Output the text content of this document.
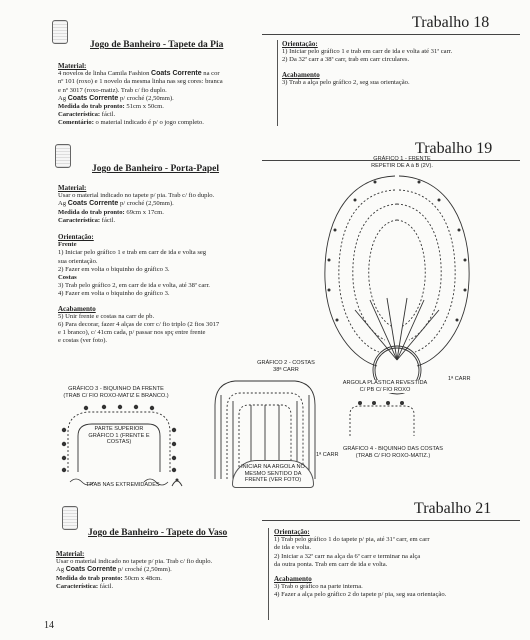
Trabalho 18
Jogo de Banheiro - Tapete da Pia
Material:
4 novelos de linha Camila Fashion Coats Corrente na cor
nº 101 (roxo) e 1 novelo da mesma linha nas seg cores: branca
e nº 3017 (roxo-matiz). Trab c/ fio duplo.
Ag Coats Corrente p/ croché (2,50mm).
Medida do trab pronto: 51cm x 50cm.
Característica: fácil.
Comentário: o material indicado é p/ o jogo completo.
Orientação:
1) Iniciar pelo gráfico 1 e trab em carr de ida e volta até 31ª carr.
2) Da 32ª carr a 38ª carr, trab em carr circulares.
Acabamento
3) Trab a alça pelo gráfico 2, seg sua orientação.
Trabalho 19
Jogo de Banheiro - Porta-Papel
Material:
Usar o material indicado no tapete p/ pia. Trab c/ fio duplo.
Ag Coats Corrente p/ croché (2,50mm).
Medida do trab pronto: 69cm x 17cm.
Característica: fácil.
Orientação:
Frente
1) Iniciar pelo gráfico 1 e trab em carr de ida e volta seg
sua orientação.
2) Fazer em volta o biquinho do gráfico 3.
Costas
3) Trab pelo gráfico 2, em carr de ida e volta, até 38ª carr.
4) Fazer em volta o biquinho do gráfico 3.
Acabamento
5) Unir frente e costas na carr de pb.
6) Para decorar, fazer 4 alças de corr c/ fio triplo (2 fios 3017
e 1 branco), c/ 41cm cada, p/ passar nos spç entre frente
e costas (ver foto).
GRÁFICO 1 - FRENTE
REPETIR DE A à B (2V).
ARGOLA PLÁSTICA REVESTIDA C/ PB C/ FIO ROXO
1ª CARR
GRÁFICO 2 - COSTAS
38ª CARR
INICIAR NA ARGOLA NO MESMO SENTIDO DA FRENTE (VER FOTO)
1ª CARR
GRÁFICO 3 - BIQUINHO DA FRENTE
(TRAB C/ FIO ROXO-MATIZ E BRANCO.)
PARTE SUPERIOR GRÁFICO 1 (FRENTE E COSTAS)
TRAB NAS EXTREMIDADES
GRÁFICO 4 - BIQUINHO DAS COSTAS
(TRAB C/ FIO ROXO-MATIZ.)
Trabalho 21
Jogo de Banheiro - Tapete do Vaso
Material:
Usar o material indicado no tapete p/ pia. Trab c/ fio duplo.
Ag Coats Corrente p/ croché (2,50mm).
Medida do trab pronto: 50cm x 48cm.
Característica: fácil.
Orientação:
1) Trab pelo gráfico 1 do tapete p/ pia, até 31ª carr, em carr
de ida e volta.
2) Iniciar a 32ª carr na alça da 6ª carr e terminar na alça
da outra ponta. Trab em carr de ida e volta.
Acabamento
3) Trab o gráfico na parte interna.
4) Fazer a alça pelo gráfico 2 do tapete p/ pia, seg sua orientação.
14
